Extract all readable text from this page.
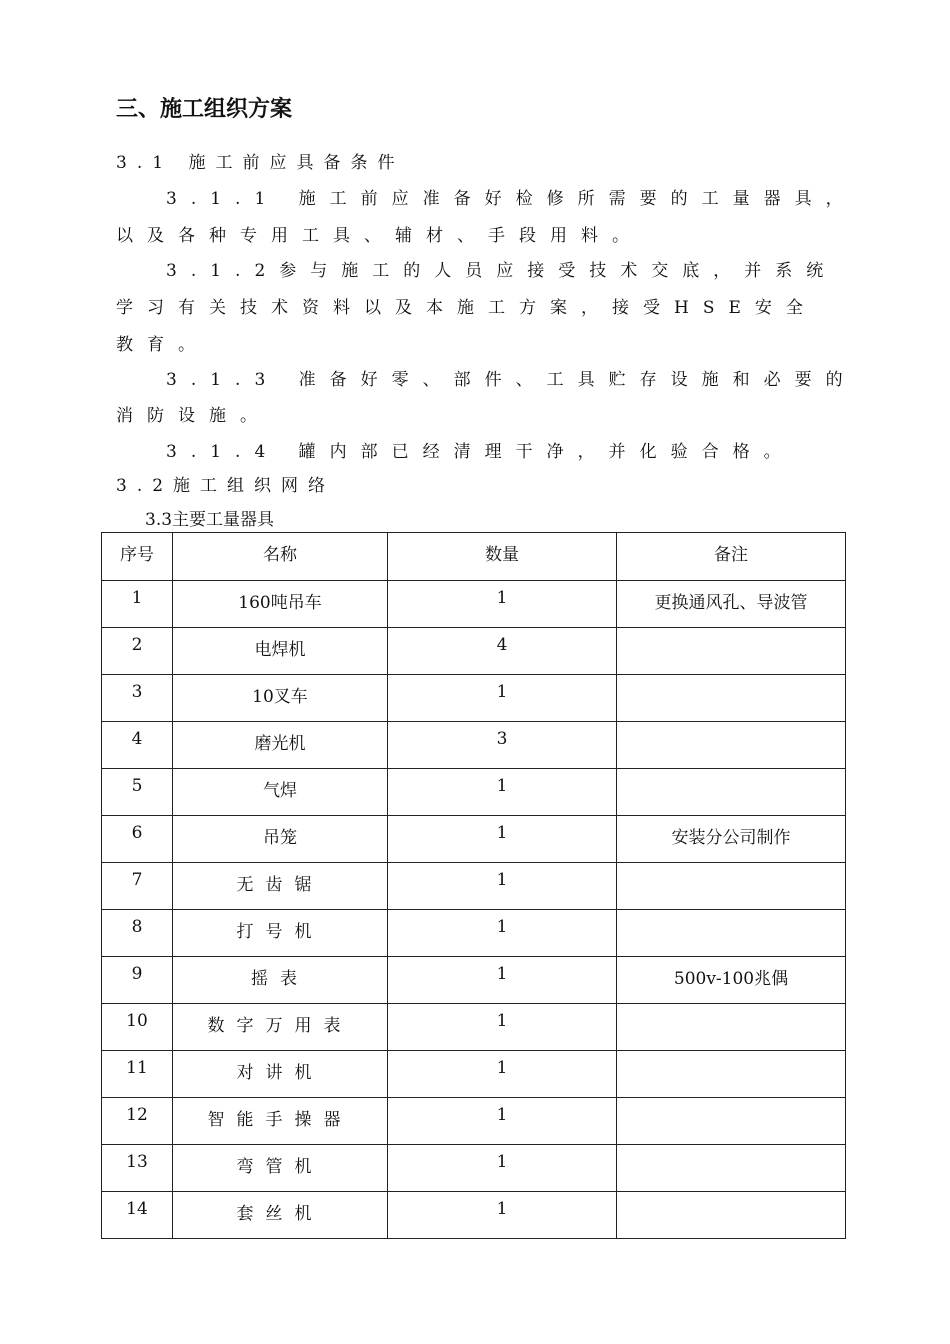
三、施工组织方案
3.1 施工前应具备条件
3.1.1 施工前应准备好检修所需要的工量器具，
以及各种专用工具、辅材、手段用料。
3.1.2参与施工的人员应接受技术交底，并系统
学习有关技术资料以及本施工方案，接受HSE安全
教育。
3.1.3 准备好零、部件、工具贮存设施和必要的
消防设施。
3.1.4 罐内部已经清理干净，并化验合格。
3.2施工组织网络
3.3主要工量器具
序号	名称	数量	备注
1	160吨吊车	1	更换通风孔、导波管
2	电焊机	4	
3	10叉车	1	
4	磨光机	3	
5	气焊	1	
6	吊笼	1	安装分公司制作
7	无齿锯	1	
8	打号机	1	
9	摇表	1	500v-100兆偶
10	数字万用表	1	
11	对讲机	1	
12	智能手操器	1	
13	弯管机	1	
14	套丝机	1	
